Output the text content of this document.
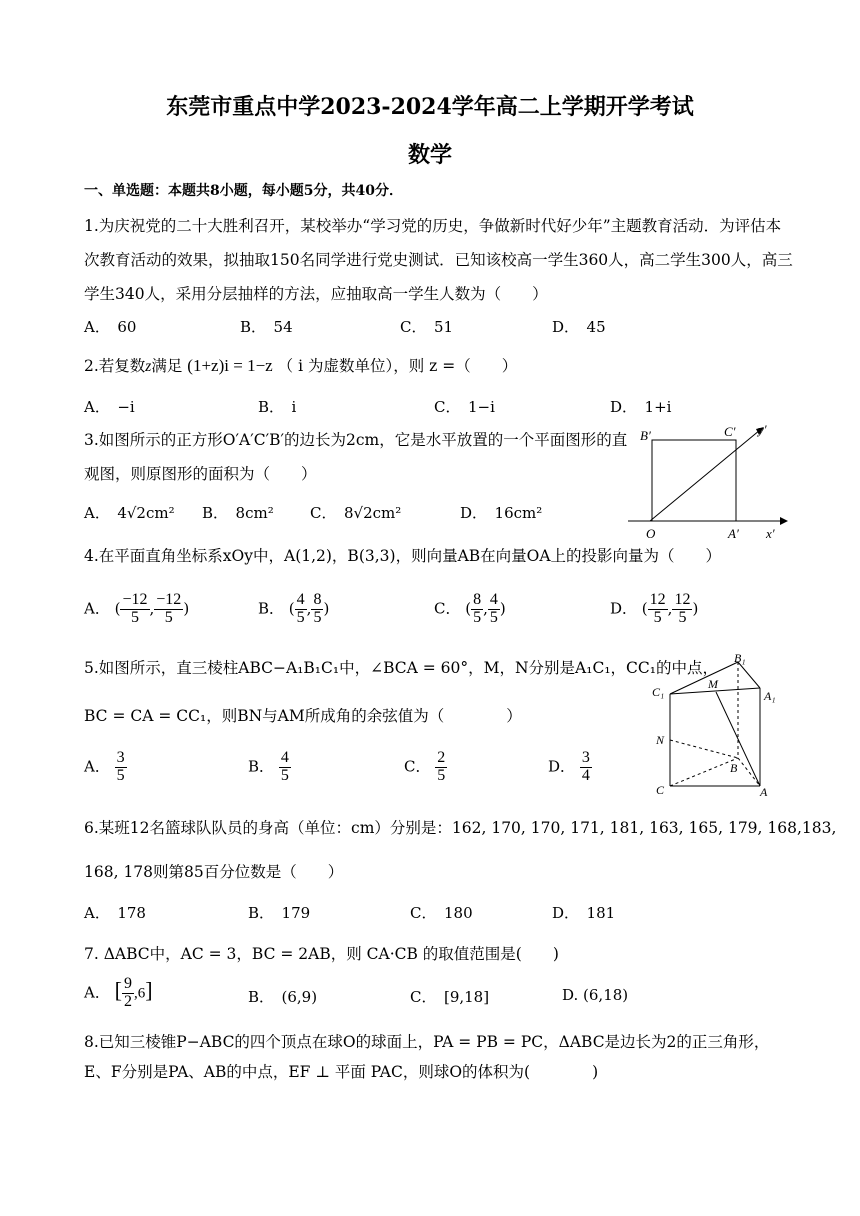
东莞市重点中学2023-2024学年高二上学期开学考试
数学
一、单选题：本题共8小题，每小题5分，共40分．
1.为庆祝党的二十大胜利召开，某校举办“学习党的历史，争做新时代好少年”主题教育活动．为评估本
次教育活动的效果，拟抽取150名同学进行党史测试．已知该校高一学生360人，高二学生300人，高三
学生340人，采用分层抽样的方法，应抽取高一学生人数为（　　）
A．　60	B．　54	C．　51	D．　45
2.若复数z满足 (1+z)i = 1−z （ i 为虚数单位），则 z =（　　）
A．　−i	B．　i	C．　1−i	D．　1+i
3.如图所示的正方形O′A′C′B′的边长为2cm，它是水平放置的一个平面图形的直
观图，则原图形的面积为（　　）
A．　4√2cm² B．　8cm² C．　8√2cm²	D．　16cm²
B′	C′ y′
O	A′ x′
4.在平面直角坐标系xOy中，A(1,2)，B(3,3)，则向量AB在向量OA上的投影向量为（　　）
A． ( $\frac{-12}{5}$ , $\frac{-12}{5}$ )	B． ( $\frac{4}{5}$ , $\frac{8}{5}$ )	C． ( $\frac{8}{5}$ , $\frac{4}{5}$ )	D． ( $\frac{12}{5}$ , $\frac{12}{5}$ )
5.如图所示，直三棱柱ABC−A₁B₁C₁中，∠BCA = 60°，M，N分别是A₁C₁，CC₁的中点，
BC = CA = CC₁，则BN与AM所成角的余弦值为（　　　　）
A． $\frac{3}{5}$	B． $\frac{4}{5}$	C． $\frac{2}{5}$	D． $\frac{3}{4}$
B₁
C₁
M
A₁
N
B
C	A
6.某班12名篮球队队员的身高（单位：cm）分别是：162, 170, 170, 171, 181, 163, 165, 179, 168,183,
168, 178则第85百分位数是（　　）
A．　178	B．　179	C．　180	D．　181
7. ΔABC中，AC = 3，BC = 2AB，则 CA·CB 的取值范围是(　　)
A． [ $\frac{9}{2} ,6$]	B．　(6,9)	C．　[9,18]	D. (6,18)
8.已知三棱锥P−ABC的四个顶点在球O的球面上，PA = PB = PC，ΔABC是边长为2的正三角形，
E、F分别是PA、AB的中点，EF ⊥ 平面 PAC，则球O的体积为(　　　　)
